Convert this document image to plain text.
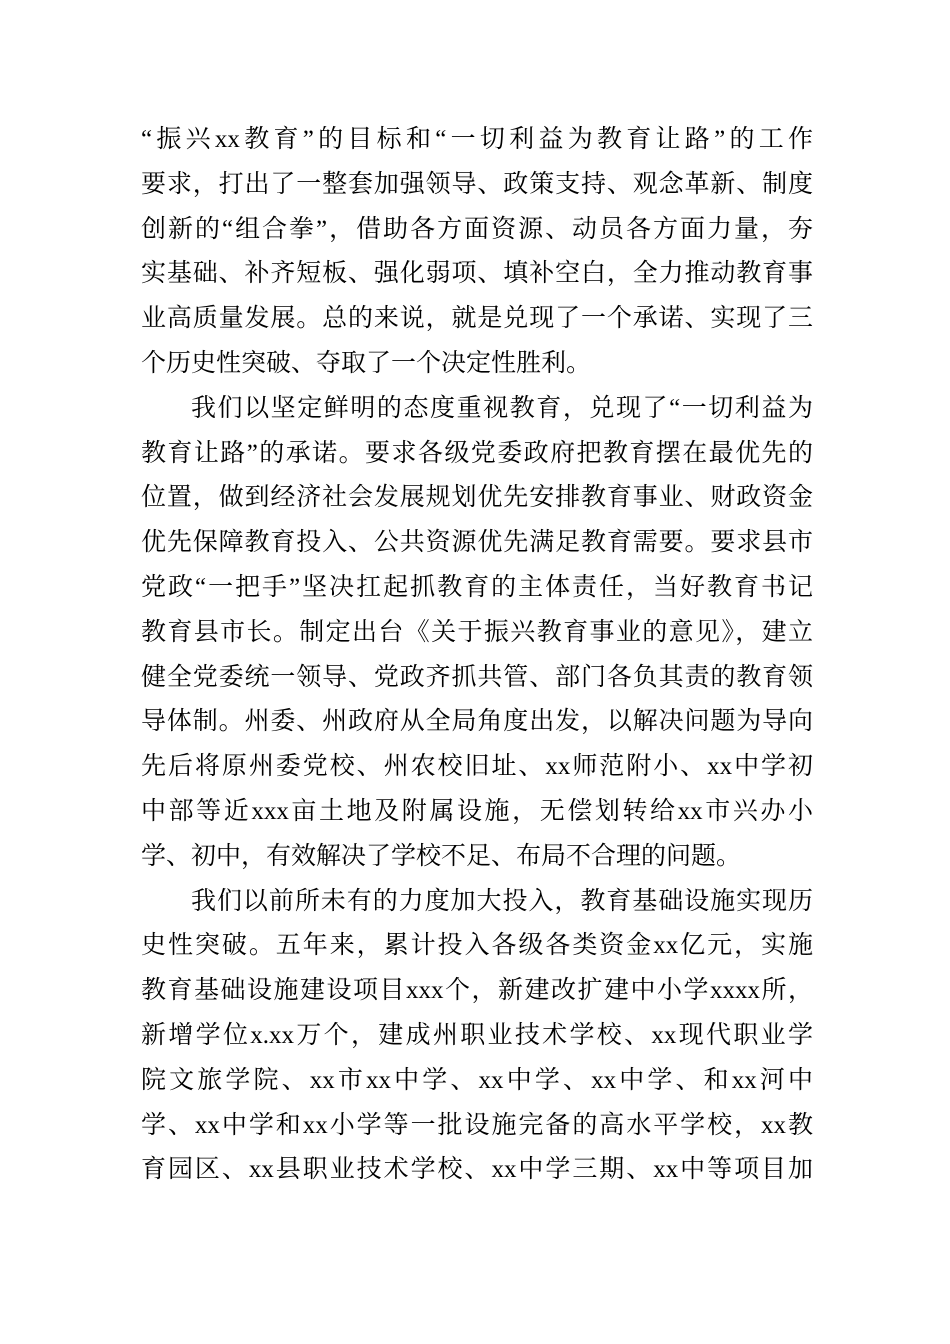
“振兴xx教育”的目标和“一切利益为教育让路”的工作
要求，打出了一整套加强领导、政策支持、观念革新、制度
创新的“组合拳”，借助各方面资源、动员各方面力量，夯
实基础、补齐短板、强化弱项、填补空白，全力推动教育事
业高质量发展。总的来说，就是兑现了一个承诺、实现了三
个历史性突破、夺取了一个决定性胜利。
我们以坚定鲜明的态度重视教育，兑现了“一切利益为
教育让路”的承诺。要求各级党委政府把教育摆在最优先的
位置，做到经济社会发展规划优先安排教育事业、财政资金
优先保障教育投入、公共资源优先满足教育需要。要求县市
党政“一把手”坚决扛起抓教育的主体责任，当好教育书记
教育县市长。制定出台《关于振兴教育事业的意见》，建立
健全党委统一领导、党政齐抓共管、部门各负其责的教育领
导体制。州委、州政府从全局角度出发，以解决问题为导向
先后将原州委党校、州农校旧址、xx师范附小、xx中学初
中部等近xxx亩土地及附属设施，无偿划转给xx市兴办小
学、初中，有效解决了学校不足、布局不合理的问题。
我们以前所未有的力度加大投入，教育基础设施实现历
史性突破。五年来，累计投入各级各类资金xx亿元，实施
教育基础设施建设项目xxx个，新建改扩建中小学xxxx所，
新增学位x.xx万个，建成州职业技术学校、xx现代职业学
院文旅学院、xx市xx中学、xx中学、xx中学、和xx河中
学、xx中学和xx小学等一批设施完备的高水平学校，xx教
育园区、xx县职业技术学校、xx中学三期、xx中等项目加
